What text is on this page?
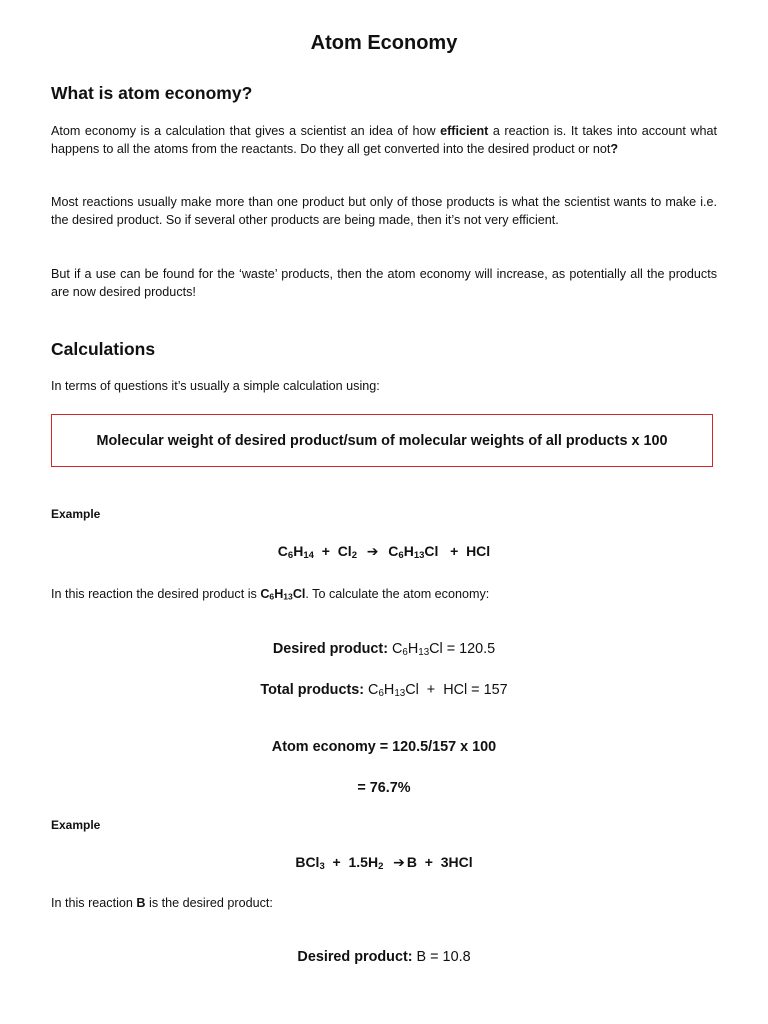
Atom Economy
What is atom economy?

Atom economy is a calculation that gives a scientist an idea of how efficient a reaction is. It takes into account what happens to all the atoms from the reactants. Do they all get converted into the desired product or not?

Most reactions usually make more than one product but only of those products is what the scientist wants to make i.e. the desired product. So if several other products are being made, then it’s not very efficient.

But if a use can be found for the ‘waste’ products, then the atom economy will increase, as potentially all the products are now desired products!

Calculations
In terms of questions it’s usually a simple calculation using:
Molecular weight of desired product/sum of molecular weights of all products x 100
Example
$C_6H_{14} + Cl_2$ ➔ $C_6H_{13}Cl$ + HCl
In this reaction the desired product is $C_6H_{13}Cl$. To calculate the atom economy:
Desired product: $C_6H_{13}Cl = 120.5$
Total products: $C_6H_{13}Cl$  +  HCl = 157
Atom economy = 120.5/157 x 100
= 76.7%
Example
$BCl_3 + 1.5H_2$ ➔ B + 3HCl
In this reaction B is the desired product:
Desired product: B = 10.8
